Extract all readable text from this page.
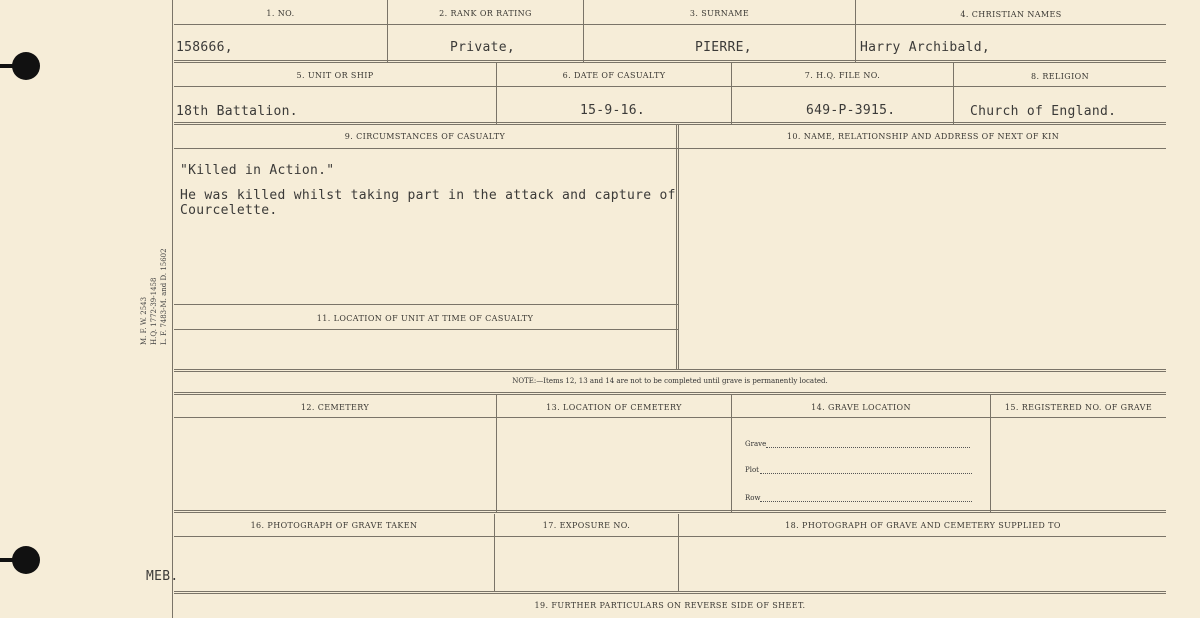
M. F. W. 2543 H.Q. 1772-39-1458 L. F. 7483-M. and D. 15602
1. NO.	2. RANK OR RATING	3. SURNAME	4. CHRISTIAN NAMES
158666,	Private,	PIERRE,	Harry Archibald,
5. UNIT OR SHIP	6. DATE OF CASUALTY	7. H.Q. FILE NO.	8. RELIGION
18th Battalion.	15-9-16.	649-P-3915.	Church of England.
9. CIRCUMSTANCES OF CASUALTY	10. NAME, RELATIONSHIP AND ADDRESS OF NEXT OF KIN
11. LOCATION OF UNIT AT TIME OF CASUALTY
"Killed in Action."
He was killed whilst taking part in the attack and capture of
Courcelette.
NOTE:—Items 12, 13 and 14 are not to be completed until grave is permanently located.
12. CEMETERY	13. LOCATION OF CEMETERY	14. GRAVE LOCATION	15. REGISTERED NO. OF GRAVE
Grave
Plot
Row
16. PHOTOGRAPH OF GRAVE TAKEN	17. EXPOSURE NO.	18. PHOTOGRAPH OF GRAVE AND CEMETERY SUPPLIED TO
MEB.
19. FURTHER PARTICULARS ON REVERSE SIDE OF SHEET.
